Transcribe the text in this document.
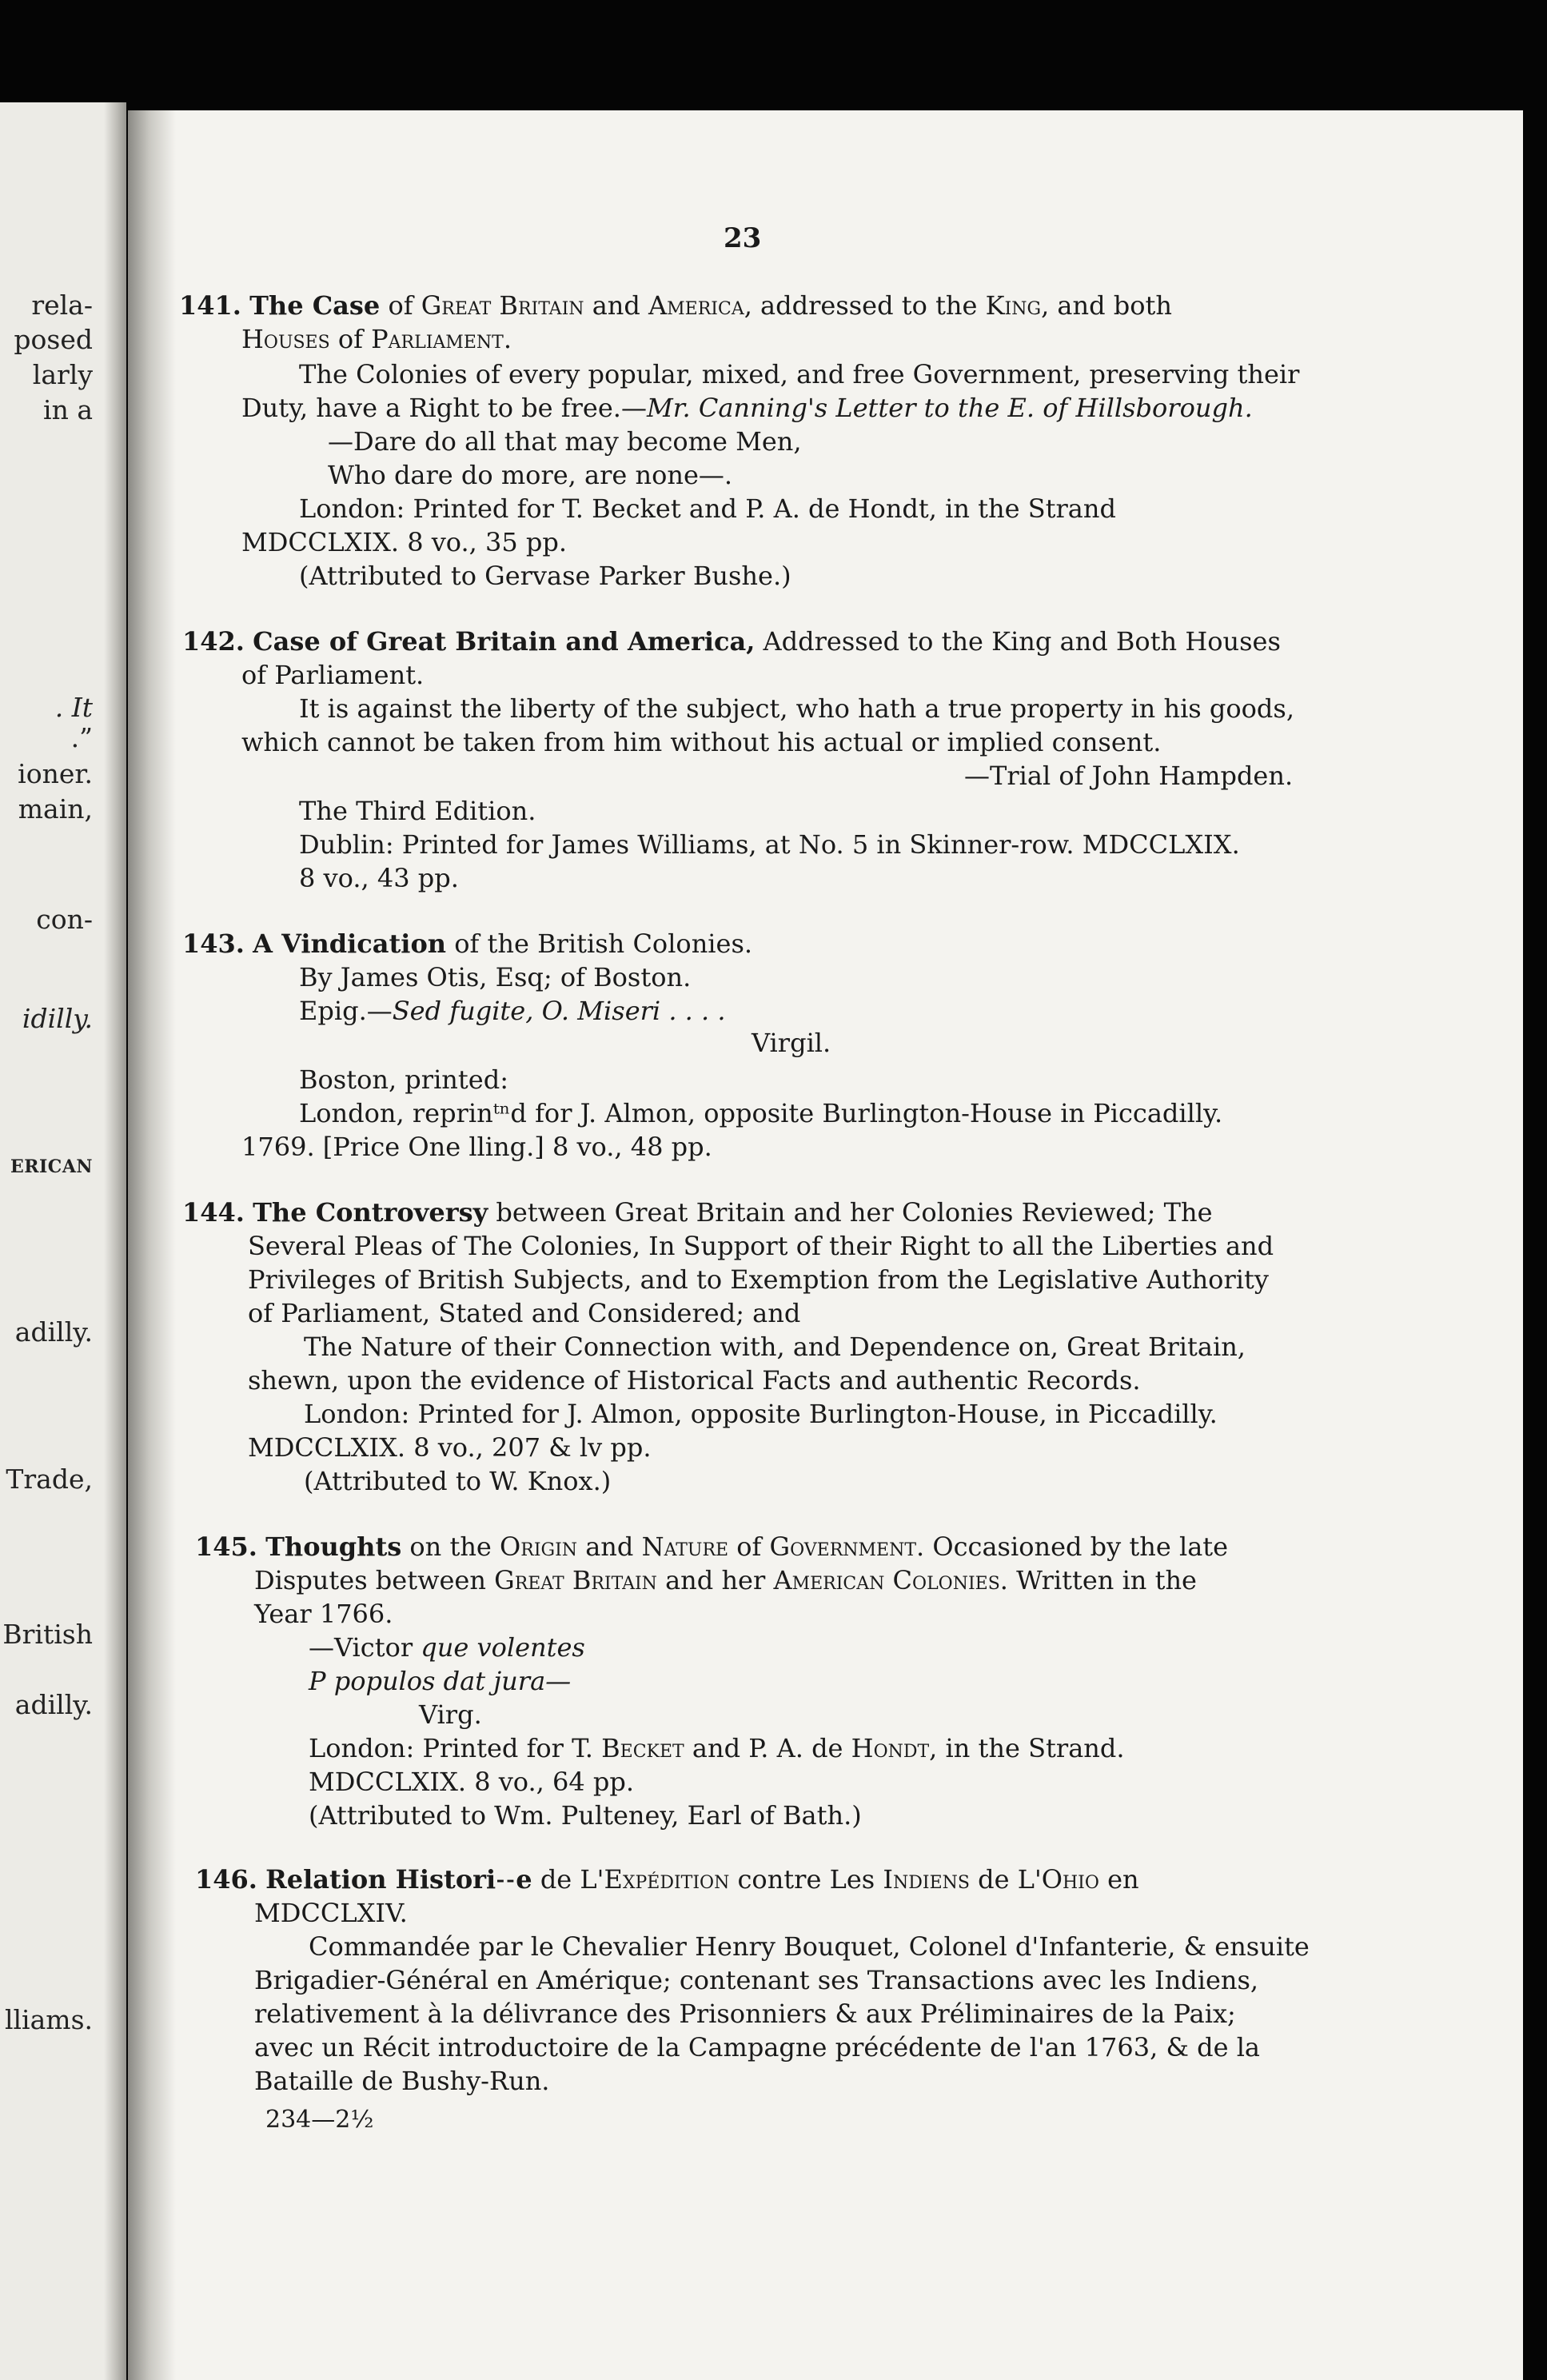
rela-
posed
larly
in a
. It
.”
ioner.
main,
con-
idilly.
ERICAN
adilly.
Trade,
British
adilly.
lliams.
23
141. The Case of Great Britain and America, addressed to the King, and both
Houses of Parliament.
The Colonies of every popular, mixed, and free Government, preserving their
Duty, have a Right to be free.—Mr. Canning's Letter to the E. of Hillsborough.
—Dare do all that may become Men,
Who dare do more, are none—.
London: Printed for T. Becket and P. A. de Hondt, in the Strand
MDCCLXIX. 8 vo., 35 pp.
(Attributed to Gervase Parker Bushe.)
142. Case of Great Britain and America, Addressed to the King and Both Houses
of Parliament.
It is against the liberty of the subject, who hath a true property in his goods,
which cannot be taken from him without his actual or implied consent.
—Trial of John Hampden.
The Third Edition.
Dublin: Printed for James Williams, at No. 5 in Skinner-row. MDCCLXIX.
8 vo., 43 pp.
143. A Vindication of the British Colonies.
By James Otis, Esq; of Boston.
Epig.—Sed fugite, O. Miseri . . . .
Virgil.
Boston, printed:
London, reprinᵗⁿd for J. Almon, opposite Burlington-House in Piccadilly.
1769. [Price One lling.] 8 vo., 48 pp.
144. The Controversy between Great Britain and her Colonies Reviewed; The
Several Pleas of The Colonies, In Support of their Right to all the Liberties and
Privileges of British Subjects, and to Exemption from the Legislative Authority
of Parliament, Stated and Considered; and
The Nature of their Connection with, and Dependence on, Great Britain,
shewn, upon the evidence of Historical Facts and authentic Records.
London: Printed for J. Almon, opposite Burlington-House, in Piccadilly.
MDCCLXIX. 8 vo., 207 & lv pp.
(Attributed to W. Knox.)
145. Thoughts on the Origin and Nature of Government. Occasioned by the late
Disputes between Great Britain and her American Colonies. Written in the
Year 1766.
—Victor que volentes
P populos dat jura—
Virg.
London: Printed for T. Becket and P. A. de Hondt, in the Strand.
MDCCLXIX. 8 vo., 64 pp.
(Attributed to Wm. Pulteney, Earl of Bath.)
146. Relation Histori˗˗e de L'Expédition contre Les Indiens de L'Ohio en
MDCCLXIV.
Commandée par le Chevalier Henry Bouquet, Colonel d'Infanterie, & ensuite
Brigadier-Général en Amérique; contenant ses Transactions avec les Indiens,
relativement à la délivrance des Prisonniers & aux Préliminaires de la Paix;
avec un Récit introductoire de la Campagne précédente de l'an 1763, & de la
Bataille de Bushy-Run.
234—2½
